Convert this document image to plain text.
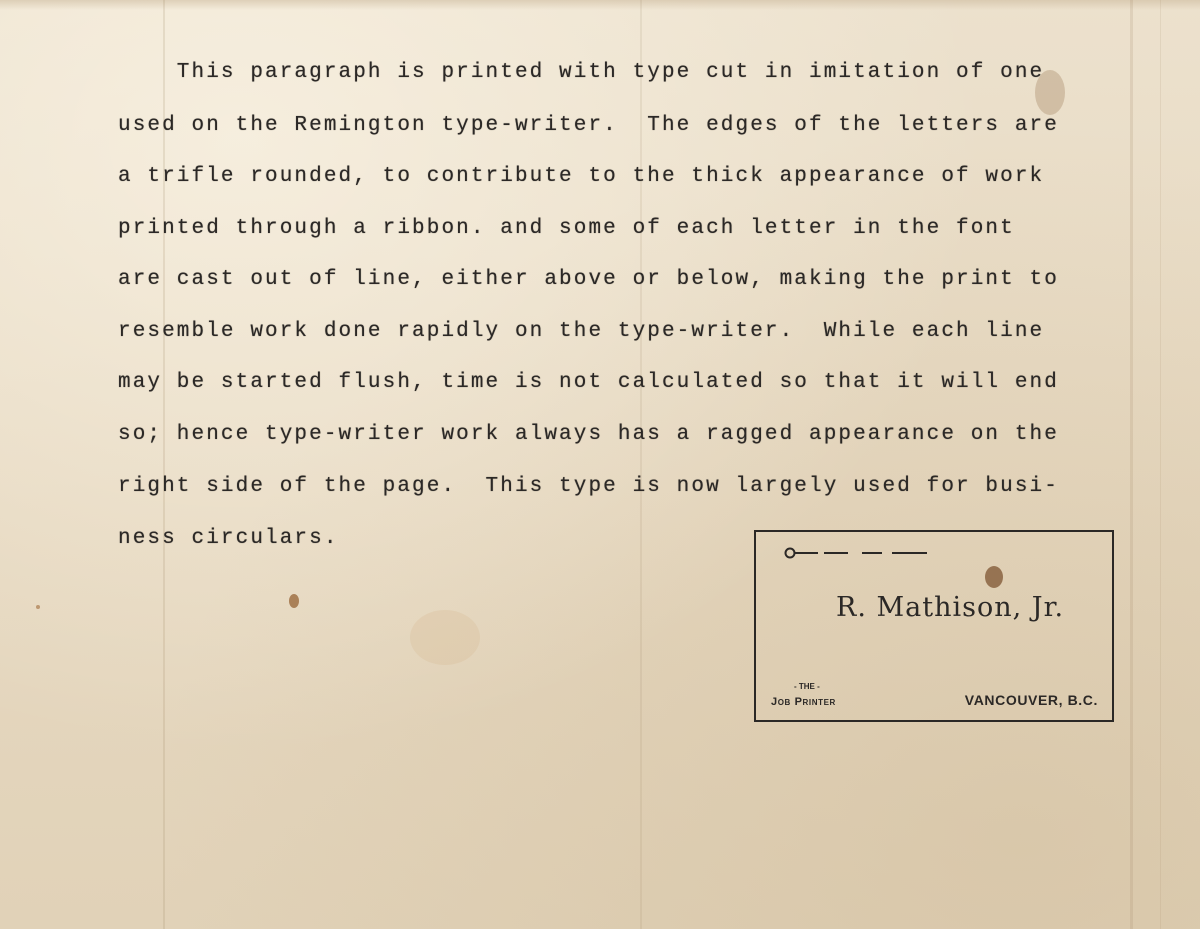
This paragraph is printed with type cut in imitation of one
used on the Remington type-writer.  The edges of the letters are
a trifle rounded, to contribute to the thick appearance of work
printed through a ribbon. and some of each letter in the font
are cast out of line, either above or below, making the print to
resemble work done rapidly on the type-writer.  While each line
may be started flush, time is not calculated so that it will end
so; hence type-writer work always has a ragged appearance on the
right side of the page.  This type is now largely used for busi-
ness circulars.
R. Mathison, Jr.
- THE -
Job Printer	VANCOUVER, B.C.
